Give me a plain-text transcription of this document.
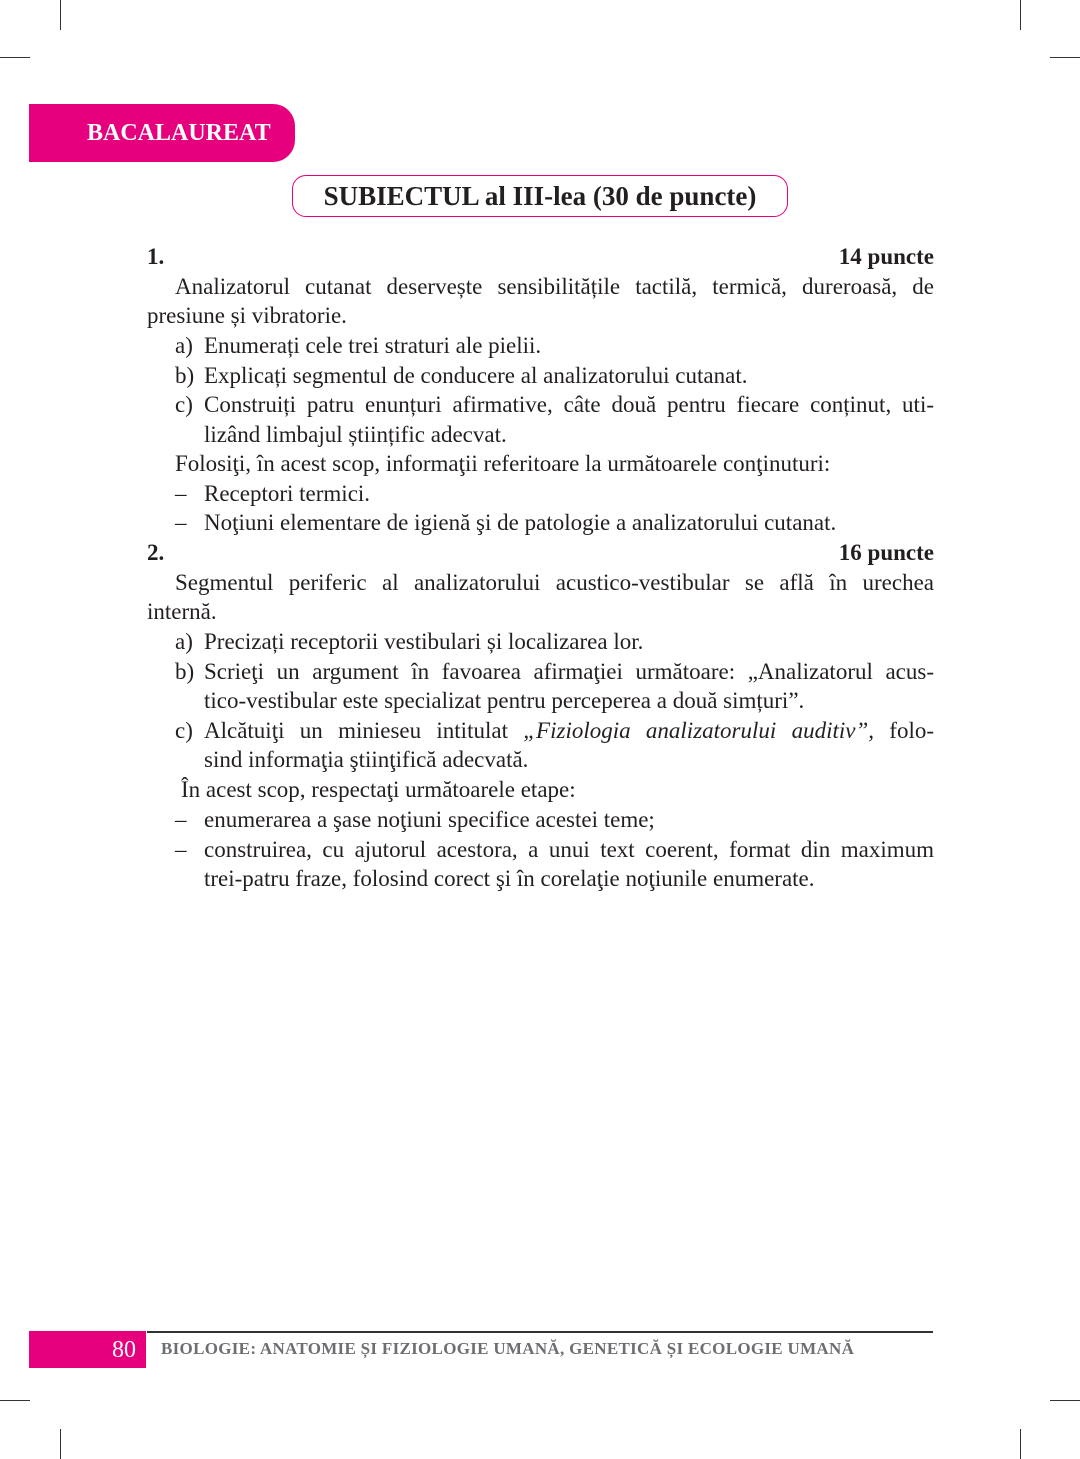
BACALAUREAT
SUBIECTUL al III-lea (30 de puncte)
1.	14 puncte
Analizatorul cutanat deservește sensibilitățile tactilă, termică, dureroasă, de
presiune și vibratorie.
a) Enumerați cele trei straturi ale pielii.
b) Explicați segmentul de conducere al analizatorului cutanat.
c) Construiți patru enunțuri afirmative, câte două pentru fiecare conținut, uti-
lizând limbajul științific adecvat.
Folosiţi, în acest scop, informaţii referitoare la următoarele conţinuturi:
– Receptori termici.
– Noţiuni elementare de igienă şi de patologie a analizatorului cutanat.
2.	16 puncte
Segmentul periferic al analizatorului acustico-vestibular se află în urechea
internă.
a) Precizați receptorii vestibulari și localizarea lor.
b) Scrieţi un argument în favoarea afirmaţiei următoare: „Analizatorul acus-
tico-vestibular este specializat pentru perceperea a două simțuri”.
c) Alcătuiţi un minieseu intitulat „Fiziologia analizatorului auditiv”, folo-
sind informaţia ştiinţifică adecvată.
În acest scop, respectaţi următoarele etape:
– enumerarea a şase noţiuni specifice acestei teme;
– construirea, cu ajutorul acestora, a unui text coerent, format din maximum
trei-patru fraze, folosind corect şi în corelaţie noţiunile enumerate.
80	BIOLOGIE: ANATOMIE ȘI FIZIOLOGIE UMANĂ, GENETICĂ ȘI ECOLOGIE UMANĂ
